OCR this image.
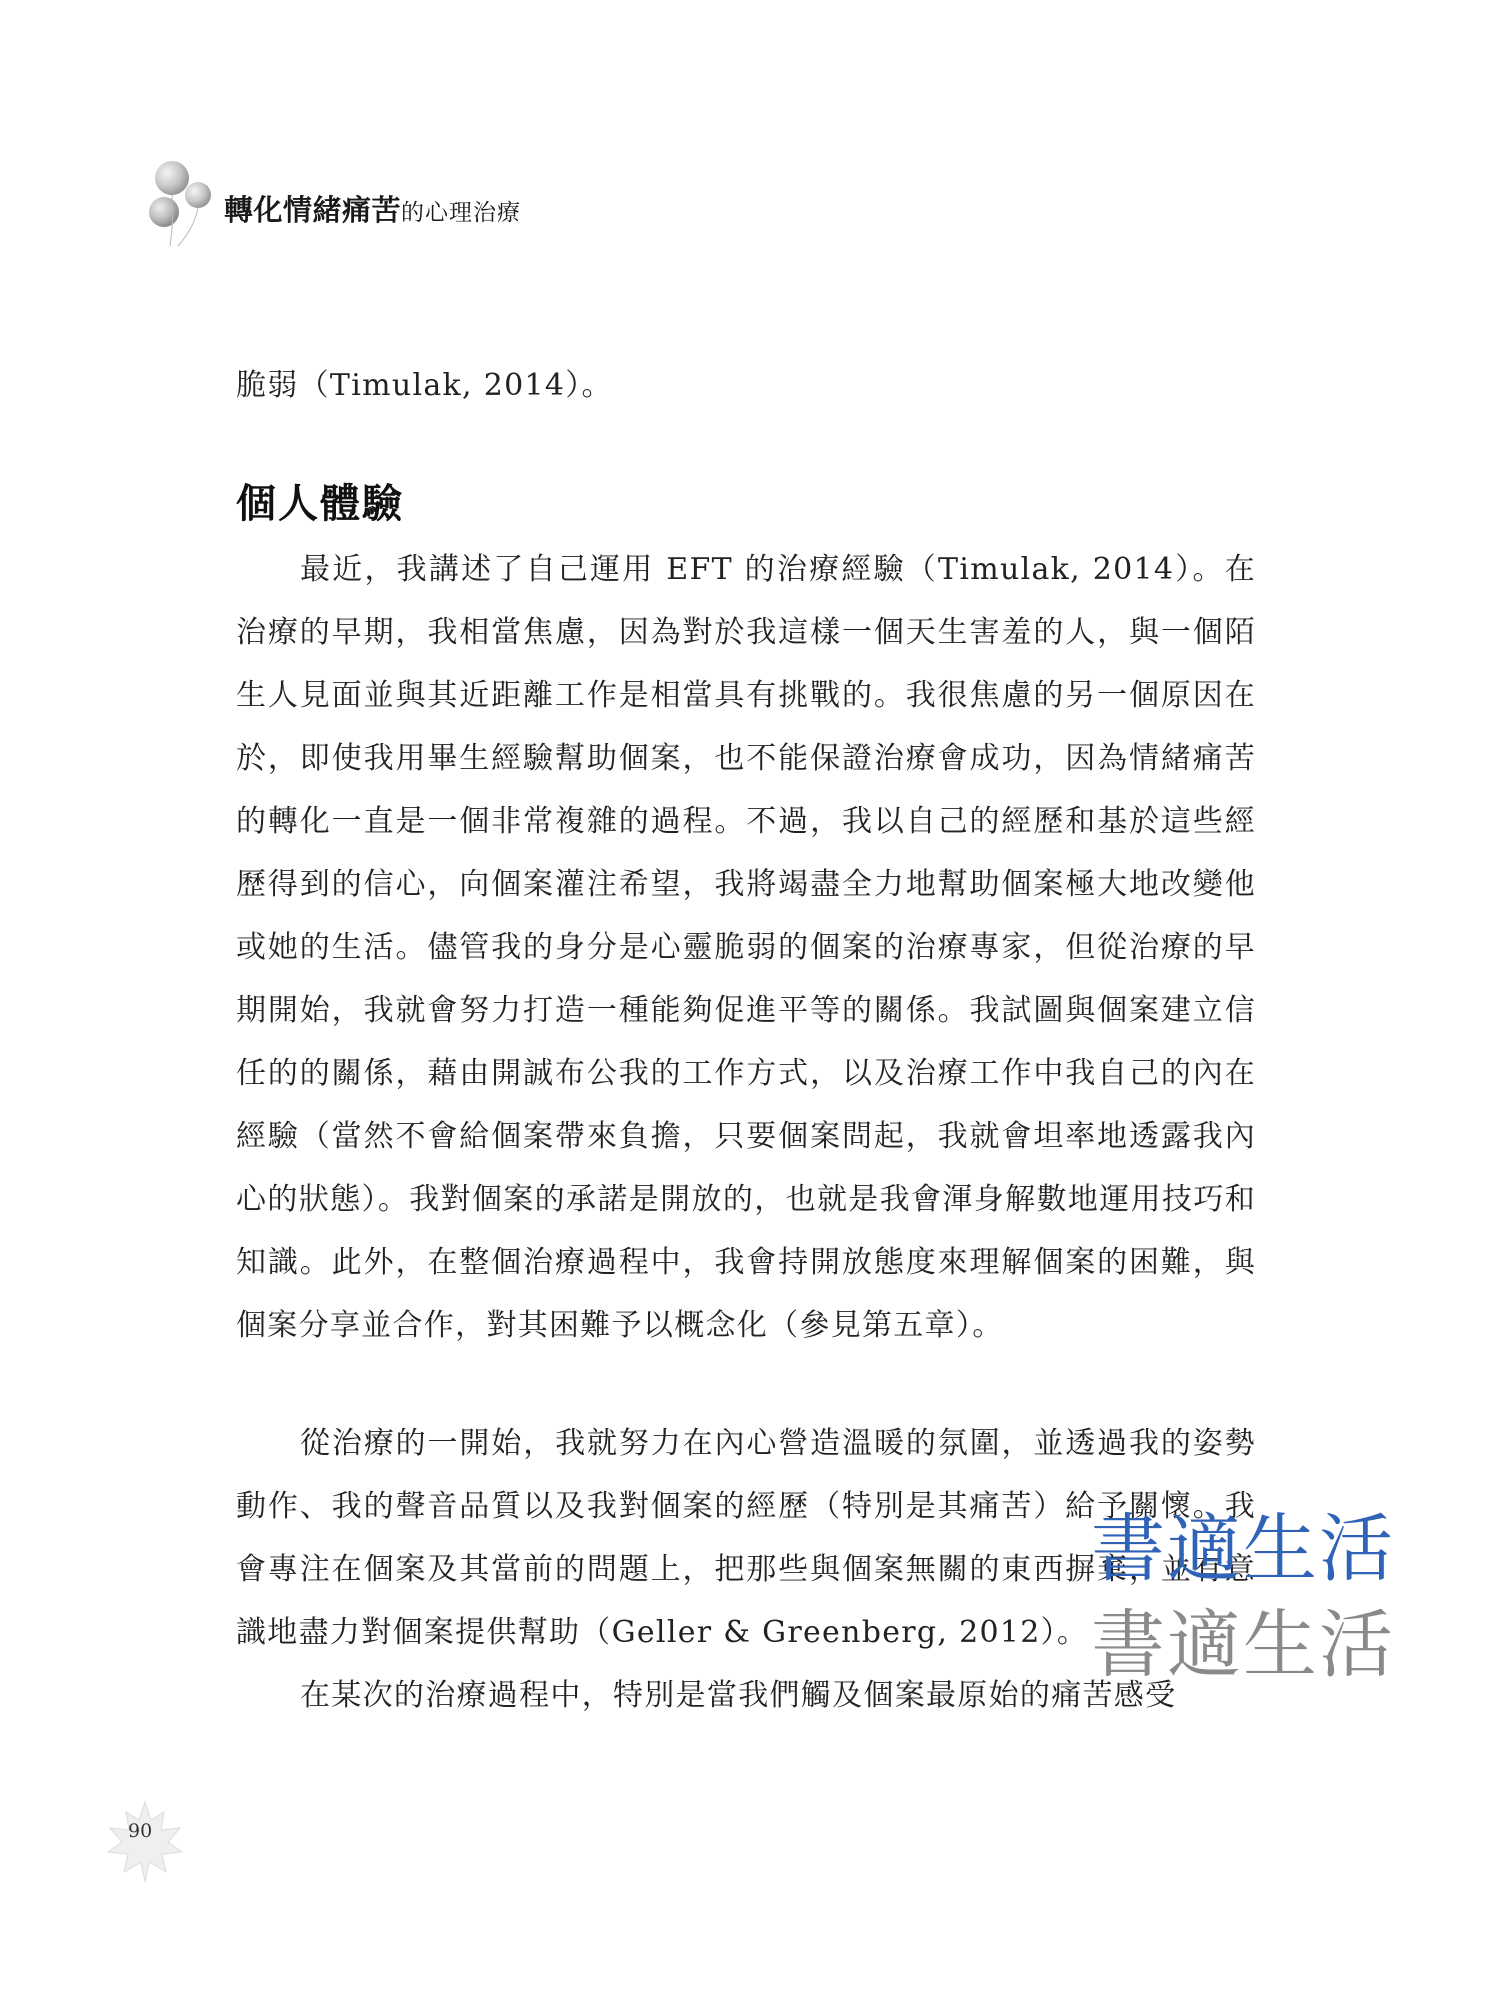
轉化情緒痛苦的心理治療

脆弱（Timulak, 2014）。

個人體驗

最近，我講述了自己運用 EFT 的治療經驗（Timulak, 2014）。在治療的早期，我相當焦慮，因為對於我這樣一個天生害羞的人，與一個陌生人見面並與其近距離工作是相當具有挑戰的。我很焦慮的另一個原因在於，即使我用畢生經驗幫助個案，也不能保證治療會成功，因為情緒痛苦的轉化一直是一個非常複雜的過程。不過，我以自己的經歷和基於這些經歷得到的信心，向個案灌注希望，我將竭盡全力地幫助個案極大地改變他或她的生活。儘管我的身分是心靈脆弱的個案的治療專家，但從治療的早期開始，我就會努力打造一種能夠促進平等的關係。我試圖與個案建立信任的的關係，藉由開誠布公我的工作方式，以及治療工作中我自己的內在經驗（當然不會給個案帶來負擔，只要個案問起，我就會坦率地透露我內心的狀態）。我對個案的承諾是開放的，也就是我會渾身解數地運用技巧和知識。此外，在整個治療過程中，我會持開放態度來理解個案的困難，與個案分享並合作，對其困難予以概念化（參見第五章）。

從治療的一開始，我就努力在內心營造溫暖的氛圍，並透過我的姿勢動作、我的聲音品質以及我對個案的經歷（特別是其痛苦）給予關懷。我會專注在個案及其當前的問題上，把那些與個案無關的東西摒棄，並有意識地盡力對個案提供幫助（Geller & Greenberg, 2012）。

在某次的治療過程中，特別是當我們觸及個案最原始的痛苦感受

書適生活
書適生活
90
